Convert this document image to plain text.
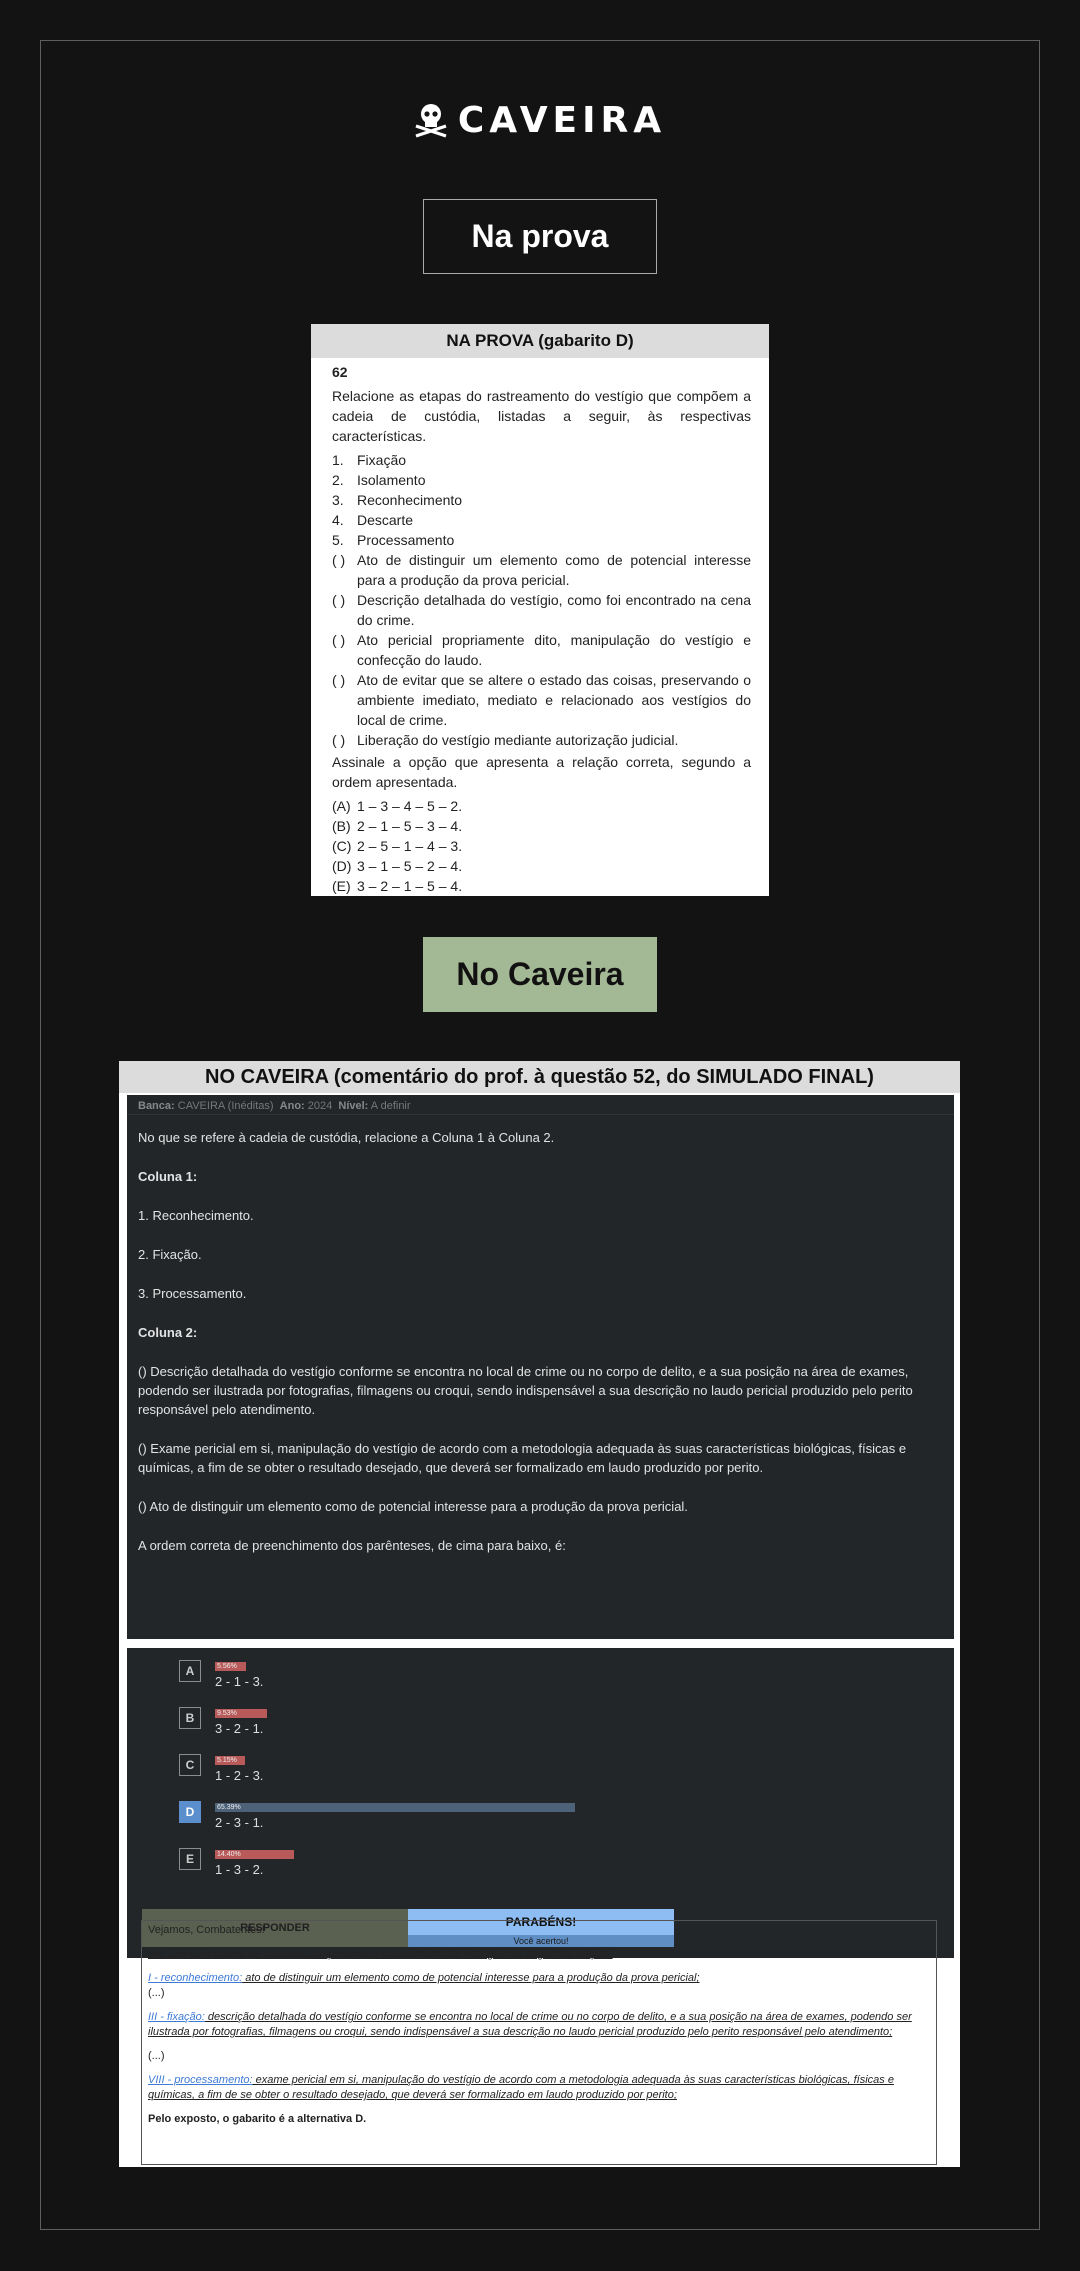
CAVEIRA
Na prova
NA PROVA (gabarito D)
62

Relacione as etapas do rastreamento do vestígio que compõem a cadeia de custódia, listadas a seguir, às respectivas características.

1. Fixação
2. Isolamento
3. Reconhecimento
4. Descarte
5. Processamento
( ) Ato de distinguir um elemento como de potencial interesse para a produção da prova pericial.
( ) Descrição detalhada do vestígio, como foi encontrado na cena do crime.
( ) Ato pericial propriamente dito, manipulação do vestígio e confecção do laudo.
( ) Ato de evitar que se altere o estado das coisas, preservando o ambiente imediato, mediato e relacionado aos vestígios do local de crime.
( ) Liberação do vestígio mediante autorização judicial.

Assinale a opção que apresenta a relação correta, segundo a ordem apresentada.

(A) 1 – 3 – 4 – 5 – 2.
(B) 2 – 1 – 5 – 3 – 4.
(C) 2 – 5 – 1 – 4 – 3.
(D) 3 – 1 – 5 – 2 – 4.
(E) 3 – 2 – 1 – 5 – 4.
No Caveira
NO CAVEIRA (comentário do prof. à questão 52, do SIMULADO FINAL)
Banca: CAVEIRA (Inéditas) Ano: 2024 Nível: A definir

No que se refere à cadeia de custódia, relacione a Coluna 1 à Coluna 2.

Coluna 1:

1. Reconhecimento.

2. Fixação.

3. Processamento.

Coluna 2:

() Descrição detalhada do vestígio conforme se encontra no local de crime ou no corpo de delito, e a sua posição na área de exames, podendo ser ilustrada por fotografias, filmagens ou croqui, sendo indispensável a sua descrição no laudo pericial produzido pelo perito responsável pelo atendimento.

() Exame pericial em si, manipulação do vestígio de acordo com a metodologia adequada às suas características biológicas, físicas e químicas, a fim de se obter o resultado desejado, que deverá ser formalizado em laudo produzido por perito.

() Ato de distinguir um elemento como de potencial interesse para a produção da prova pericial.

A ordem correta de preenchimento dos parênteses, de cima para baixo, é:

RESPONDER	PARABÉNS!
Você acertou!
A	5.56%
2 - 1 - 3.
B	9.53%
3 - 2 - 1.
C	5.15%
1 - 2 - 3.
D	65.39%
2 - 3 - 1.
E	14.40%
1 - 3 - 2.

Vejamos, Combatentes!

Art. 158-B. A cadeia de custódia compreende o rastreamento do vestígio nas seguintes etapas:

I - reconhecimento: ato de distinguir um elemento como de potencial interesse para a produção da prova pericial;

(...)

III - fixação: descrição detalhada do vestígio conforme se encontra no local de crime ou no corpo de delito, e a sua posição na área de exames, podendo ser ilustrada por fotografias, filmagens ou croqui, sendo indispensável a sua descrição no laudo pericial produzido pelo perito responsável pelo atendimento;

(...)

VIII - processamento: exame pericial em si, manipulação do vestígio de acordo com a metodologia adequada às suas características biológicas, físicas e químicas, a fim de se obter o resultado desejado, que deverá ser formalizado em laudo produzido por perito;

Pelo exposto, o gabarito é a alternativa D.
